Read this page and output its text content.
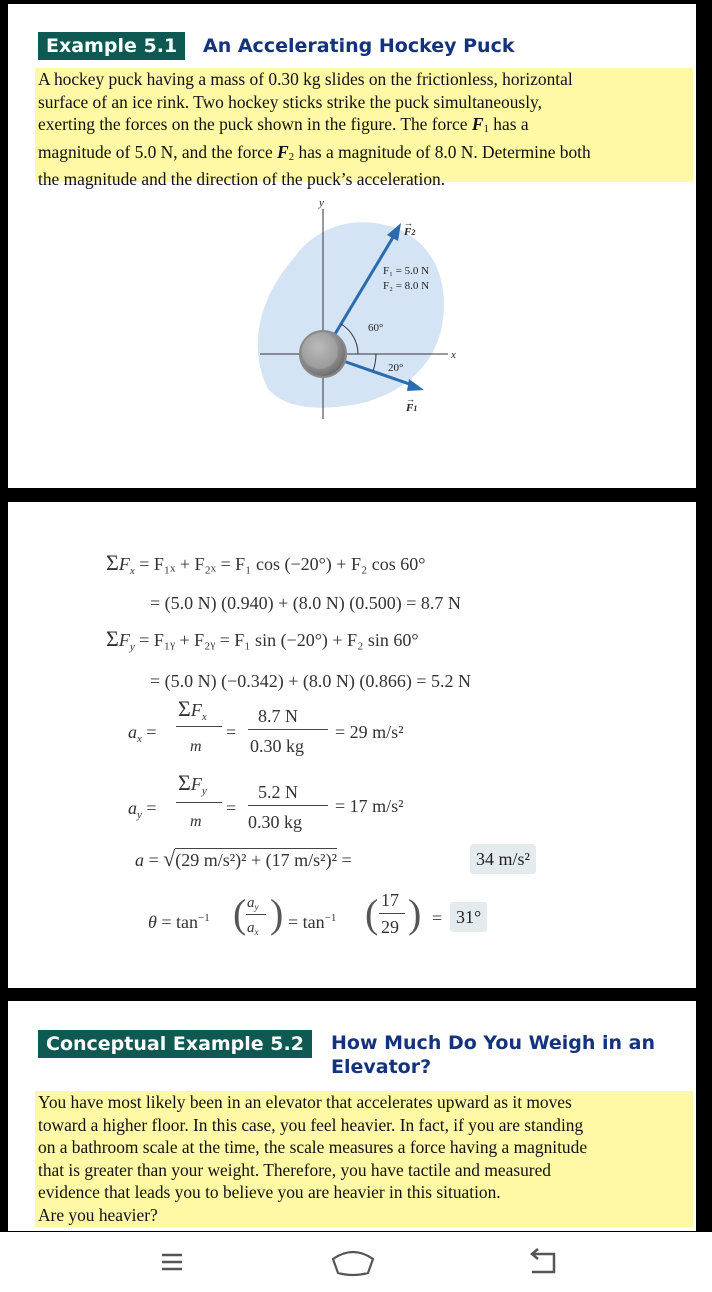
Example 5.1	An Accelerating Hockey Puck
A hockey puck having a mass of 0.30 kg slides on the frictionless, horizontal
surface of an ice rink. Two hockey sticks strike the puck simultaneously,
exerting the forces on the puck shown in the figure. The force F1 has a
magnitude of 5.0 N, and the force F2 has a magnitude of 8.0 N. Determine both
the magnitude and the direction of the puck’s acceleration.
y
x
→
F2
F₁ = 5.0 N
F₂ = 8.0 N
60°
20°
→
F1
$\Sigma F_x = F_{1x} + F_{2x} = F_1$ cos (−20°) + F₂ cos 60°
= (5.0 N) (0.940) + (8.0 N) (0.500) = 8.7 N
$\Sigma F_y$ = F₁ᵧ + F₂ᵧ = F₁ sin (−20°) + F₂ sin 60°
= (5.0 N) (−0.342) + (8.0 N) (0.866) = 5.2 N
$a_x$ =
$\Sigma F_x$
m
=
8.7 N
0.30 kg
= 29 m/s²
$a_y$ =
$\Sigma F_y$
m
=
5.2 N
0.30 kg
= 17 m/s²
a = √(29 m/s²)² + (17 m/s²)² =	34 m/s²
$\theta = \tan^{-1}$ ( $a_y$
$a_x$ ) = $\tan^{-1}$ ( 17
29 ) = 31°
Conceptual Example 5.2	How Much Do You Weigh in an
Elevator?
You have most likely been in an elevator that accelerates upward as it moves
toward a higher floor. In this case, you feel heavier. In fact, if you are standing
on a bathroom scale at the time, the scale measures a force having a magnitude
that is greater than your weight. Therefore, you have tactile and measured
evidence that leads you to believe you are heavier in this situation.
Are you heavier?
